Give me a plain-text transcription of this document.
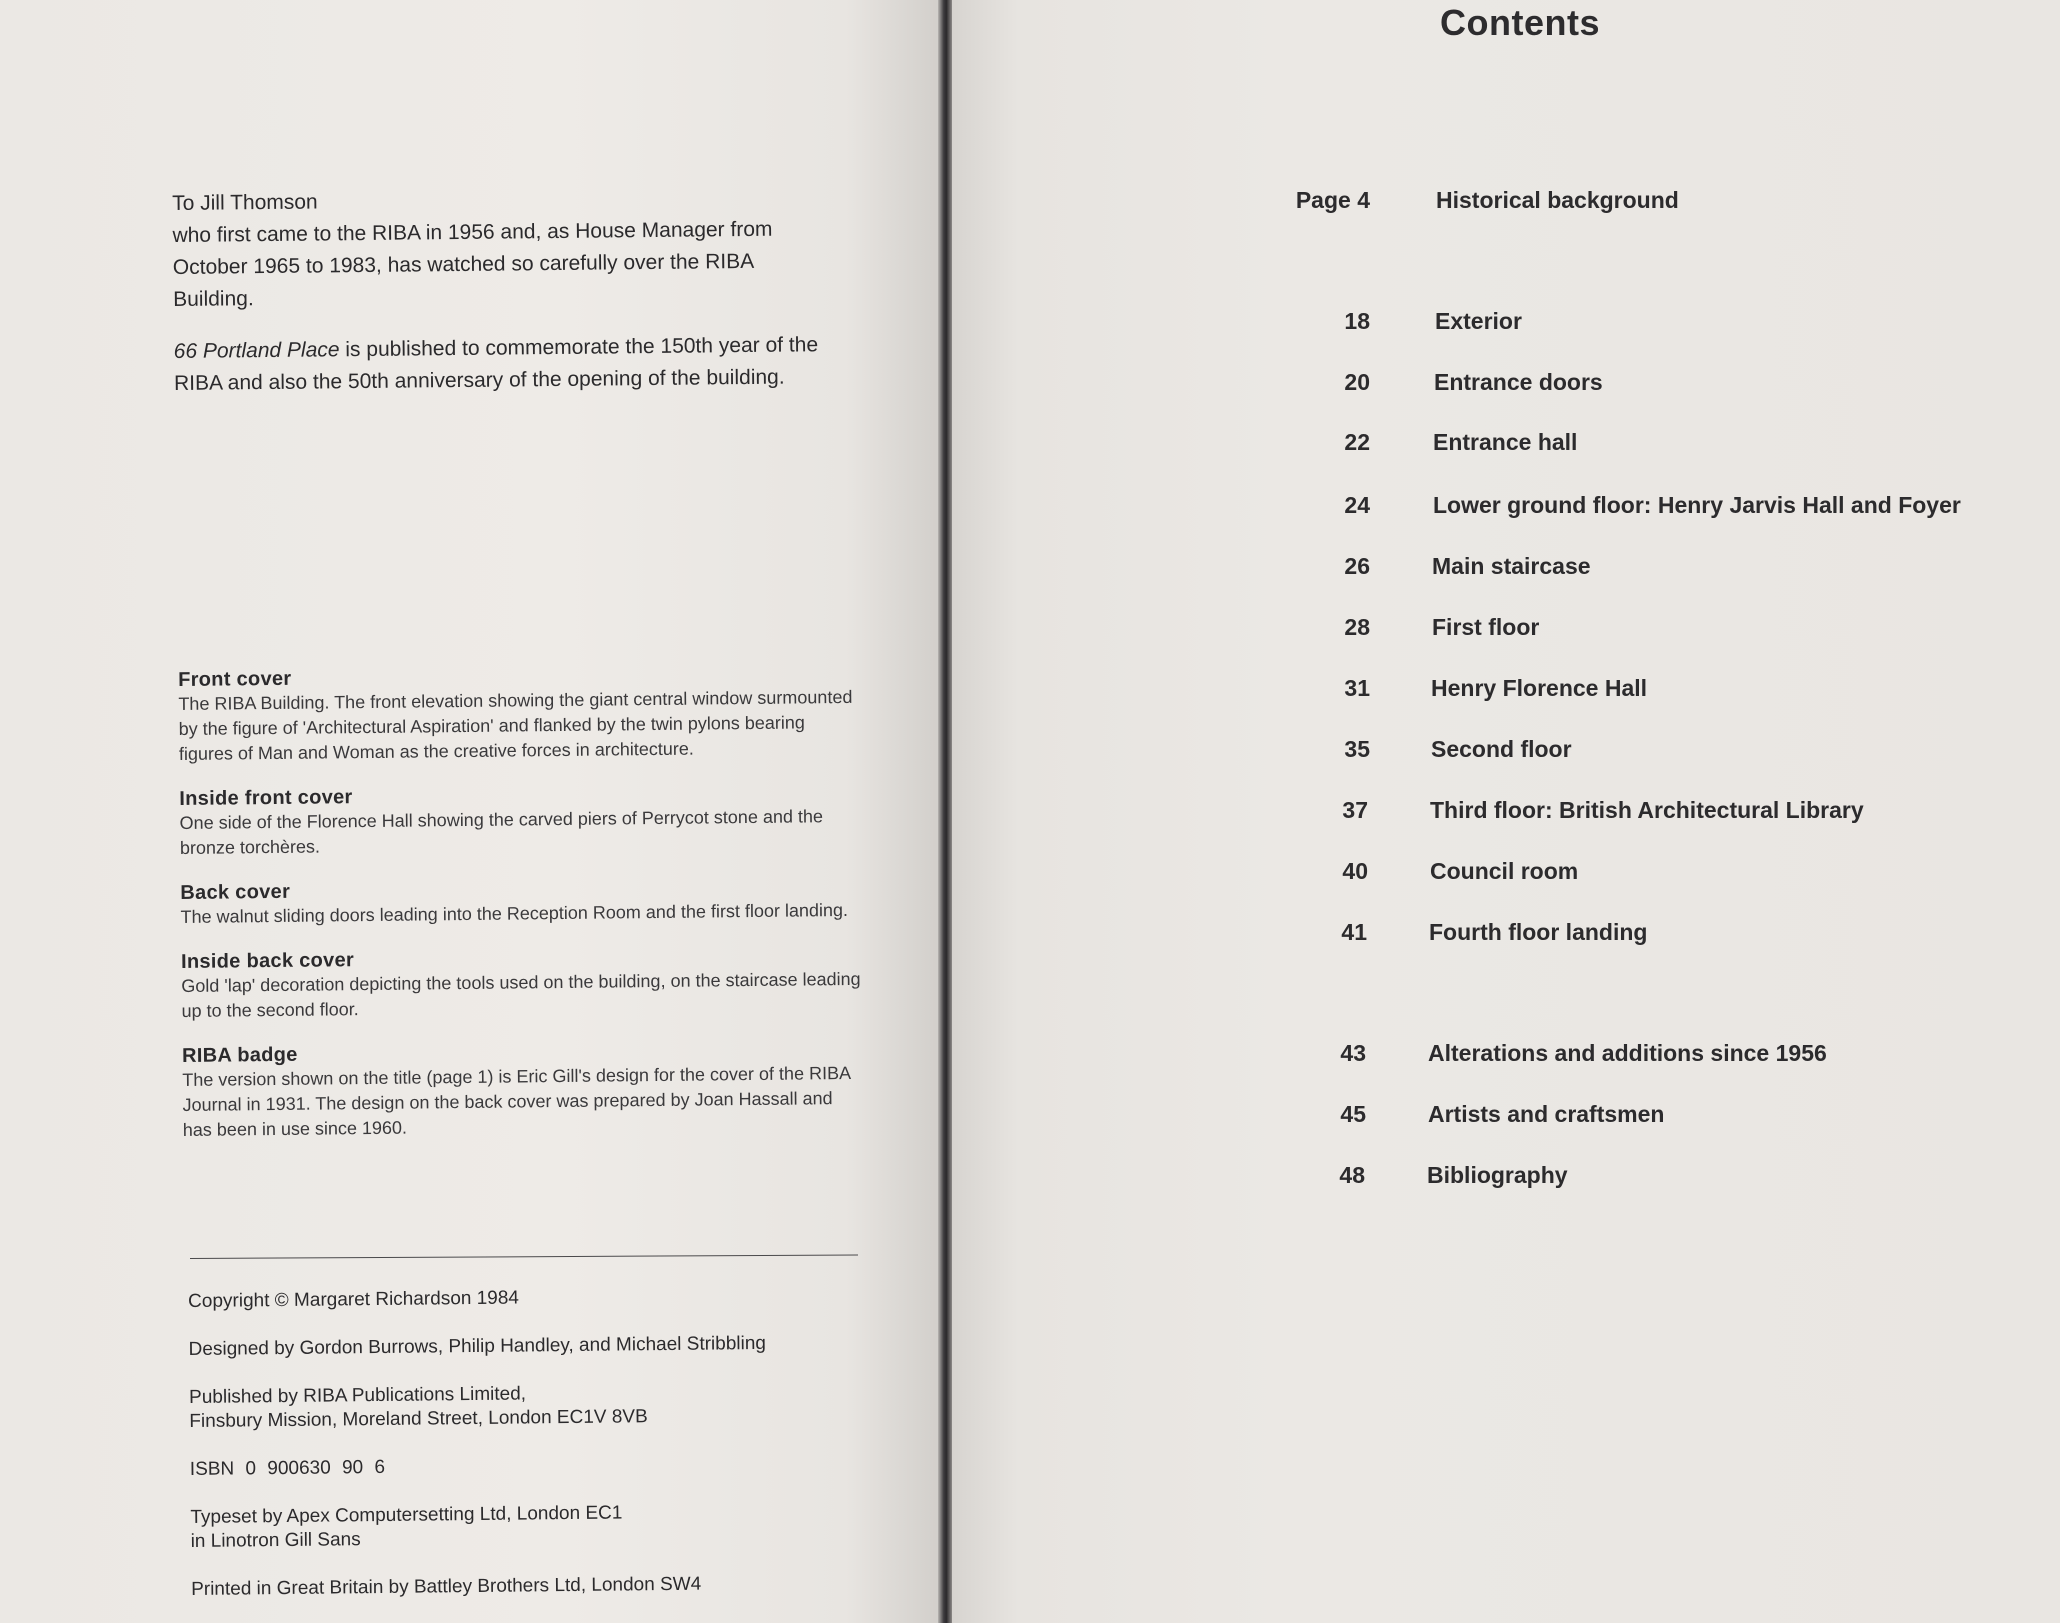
To Jill Thomson
who first came to the RIBA in 1956 and, as House Manager from October 1965 to 1983, has watched so carefully over the RIBA Building.

66 Portland Place is published to commemorate the 150th year of the RIBA and also the 50th anniversary of the opening of the building.

Front cover
The RIBA Building. The front elevation showing the giant central window surmounted by the figure of 'Architectural Aspiration' and flanked by the twin pylons bearing figures of Man and Woman as the creative forces in architecture.
Inside front cover
One side of the Florence Hall showing the carved piers of Perrycot stone and the bronze torchères.
Back cover
The walnut sliding doors leading into the Reception Room and the first floor landing.
Inside back cover
Gold 'lap' decoration depicting the tools used on the building, on the staircase leading up to the second floor.
RIBA badge
The version shown on the title (page 1) is Eric Gill's design for the cover of the RIBA Journal in 1931. The design on the back cover was prepared by Joan Hassall and has been in use since 1960.

Copyright © Margaret Richardson 1984

Designed by Gordon Burrows, Philip Handley, and Michael Stribbling

Published by RIBA Publications Limited,
Finsbury Mission, Moreland Street, London EC1V 8VB

ISBN 0 900630 90 6

Typeset by Apex Computersetting Ltd, London EC1
in Linotron Gill Sans

Printed in Great Britain by Battley Brothers Ltd, London SW4

Contents
Page 4	Historical background
18	Exterior
20	Entrance doors
22	Entrance hall
24	Lower ground floor: Henry Jarvis Hall and Foyer
26	Main staircase
28	First floor
31	Henry Florence Hall
35	Second floor
37	Third floor: British Architectural Library
40	Council room
41	Fourth floor landing
43	Alterations and additions since 1956
45	Artists and craftsmen
48	Bibliography
